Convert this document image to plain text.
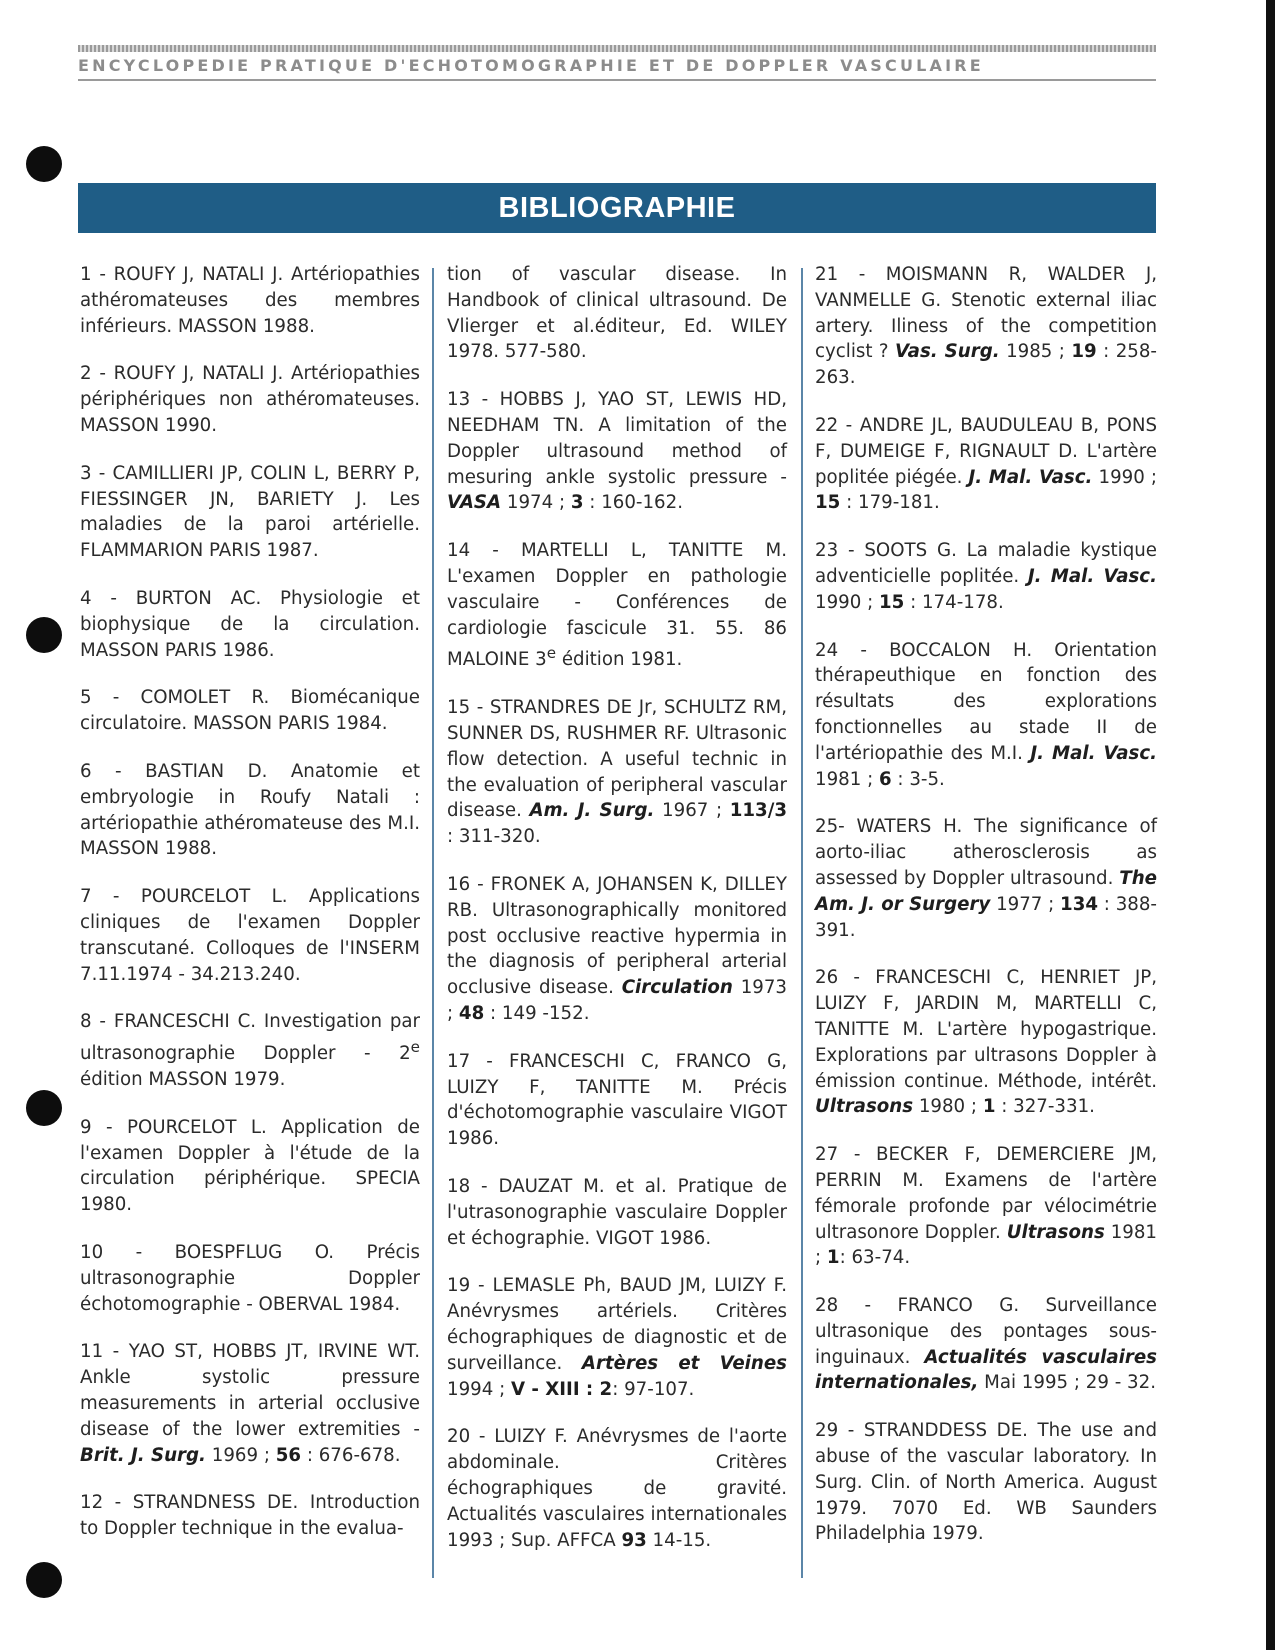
ENCYCLOPEDIE PRATIQUE D'ECHOTOMOGRAPHIE ET DE DOPPLER VASCULAIRE
BIBLIOGRAPHIE

1 - ROUFY J, NATALI J. Artériopathies athéromateuses des membres inférieurs. MASSON 1988.

2 - ROUFY J, NATALI J. Artériopathies périphériques non athéromateuses. MASSON 1990.

3 - CAMILLIERI JP, COLIN L, BERRY P, FIESSINGER JN, BARIETY J. Les maladies de la paroi artérielle. FLAMMARION PARIS 1987.

4 - BURTON AC. Physiologie et biophysique de la circulation. MASSON PARIS 1986.

5 - COMOLET R. Biomécanique circulatoire. MASSON PARIS 1984.

6 - BASTIAN D. Anatomie et embryologie in Roufy Natali : artériopathie athéromateuse des M.I. MASSON 1988.

7 - POURCELOT L. Applications cliniques de l'examen Doppler transcutané. Colloques de l'INSERM 7.11.1974 - 34.213.240.

8 - FRANCESCHI C. Investigation par ultrasonographie Doppler - 2e édition MASSON 1979.

9 - POURCELOT L. Application de l'examen Doppler à l'étude de la circulation périphérique. SPECIA 1980.

10 - BOESPFLUG O. Précis ultrasonographie Doppler échotomographie - OBERVAL 1984.

11 - YAO ST, HOBBS JT, IRVINE WT. Ankle systolic pressure measurements in arterial occlusive disease of the lower extremities - Brit. J. Surg. 1969 ; 56 : 676-678.

12 - STRANDNESS DE. Introduction to Doppler technique in the evalua-

tion of vascular disease. In Handbook of clinical ultrasound. De Vlierger et al.éditeur, Ed. WILEY 1978. 577-580.

13 - HOBBS J, YAO ST, LEWIS HD, NEEDHAM TN. A limitation of the Doppler ultrasound method of mesuring ankle systolic pressure - VASA 1974 ; 3 : 160-162.

14 - MARTELLI L, TANITTE M. L'examen Doppler en pathologie vasculaire - Conférences de cardiologie fascicule 31. 55. 86 MALOINE 3e édition 1981.

15 - STRANDRES DE Jr, SCHULTZ RM, SUNNER DS, RUSHMER RF. Ultrasonic flow detection. A useful technic in the evaluation of peripheral vascular disease. Am. J. Surg. 1967 ; 113/3 : 311-320.

16 - FRONEK A, JOHANSEN K, DILLEY RB. Ultrasonographically monitored post occlusive reactive hypermia in the diagnosis of peripheral arterial occlusive disease. Circulation 1973 ; 48 : 149 -152.

17 - FRANCESCHI C, FRANCO G, LUIZY F, TANITTE M. Précis d'échotomographie vasculaire VIGOT 1986.

18 - DAUZAT M. et al. Pratique de l'utrasonographie vasculaire Doppler et échographie. VIGOT 1986.

19 - LEMASLE Ph, BAUD JM, LUIZY F. Anévrysmes artériels. Critères échographiques de diagnostic et de surveillance. Artères et Veines 1994 ; V - XIII : 2: 97-107.

20 - LUIZY F. Anévrysmes de l'aorte abdominale. Critères échographiques de gravité. Actualités vasculaires internationales 1993 ; Sup. AFFCA 93 14-15.

21 - MOISMANN R, WALDER J, VANMELLE G. Stenotic external iliac artery. Iliness of the competition cyclist ? Vas. Surg. 1985 ; 19 : 258-263.

22 - ANDRE JL, BAUDULEAU B, PONS F, DUMEIGE F, RIGNAULT D. L'artère poplitée piégée. J. Mal. Vasc. 1990 ; 15 : 179-181.

23 - SOOTS G. La maladie kystique adventicielle poplitée. J. Mal. Vasc. 1990 ; 15 : 174-178.

24 - BOCCALON H. Orientation thérapeuthique en fonction des résultats des explorations fonctionnelles au stade II de l'artériopathie des M.I. J. Mal. Vasc. 1981 ; 6 : 3-5.

25- WATERS H. The significance of aorto-iliac atherosclerosis as assessed by Doppler ultrasound. The Am. J. or Surgery 1977 ; 134 : 388-391.

26 - FRANCESCHI C, HENRIET JP, LUIZY F, JARDIN M, MARTELLI C, TANITTE M. L'artère hypogastrique. Explorations par ultrasons Doppler à émission continue. Méthode, intérêt. Ultrasons 1980 ; 1 : 327-331.

27 - BECKER F, DEMERCIERE JM, PERRIN M. Examens de l'artère fémorale profonde par vélocimétrie ultrasonore Doppler. Ultrasons 1981 ; 1: 63-74.

28 - FRANCO G. Surveillance ultrasonique des pontages sous-inguinaux. Actualités vasculaires internationales, Mai 1995 ; 29 - 32.

29 - STRANDDESS DE. The use and abuse of the vascular laboratory. In Surg. Clin. of North America. August 1979. 7070 Ed. WB Saunders Philadelphia 1979.
